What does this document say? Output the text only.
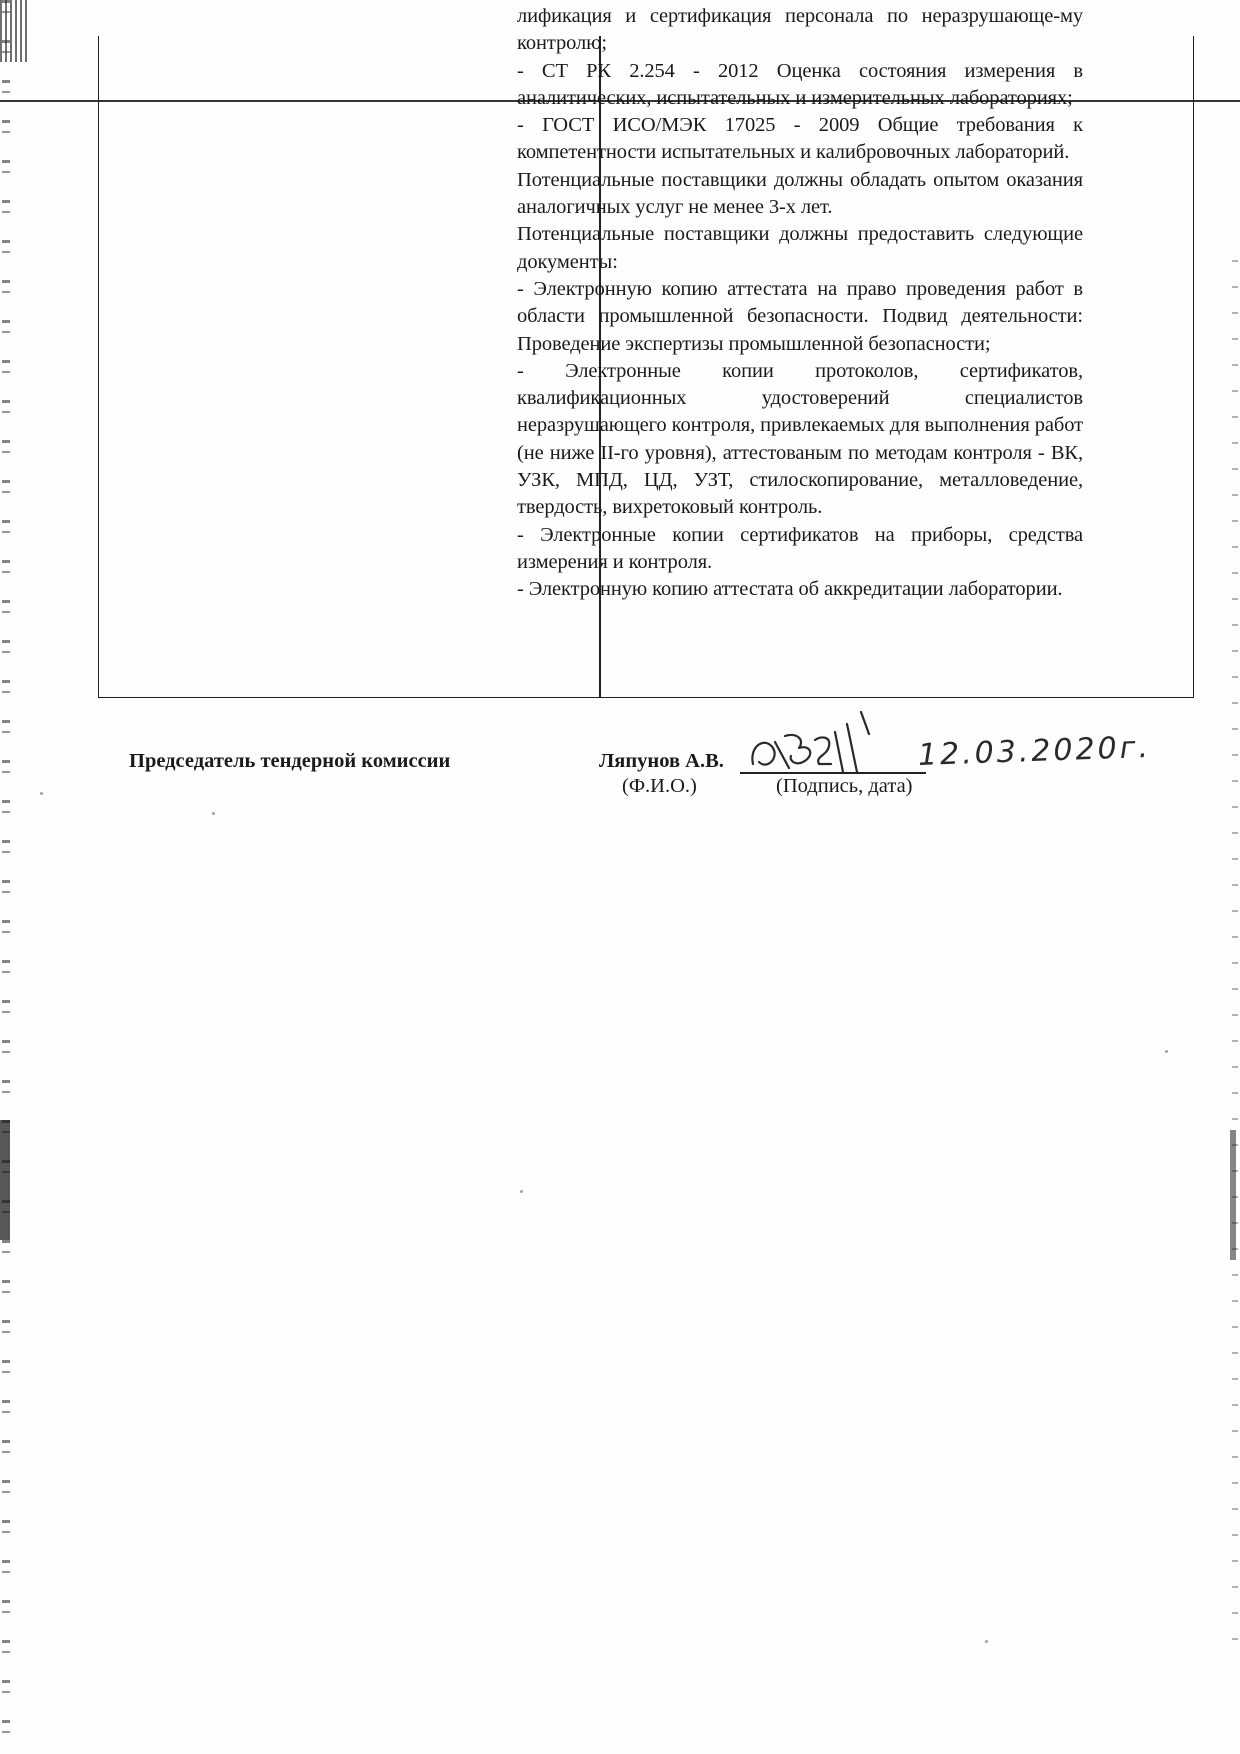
лификация и сертификация персонала по неразрушающе-му контролю;

- СТ РК 2.254 - 2012 Оценка состояния измерения в аналитических, испытательных и измерительных лабораториях;

- ГОСТ ИСО/МЭК 17025 - 2009 Общие требования к компетентности испытательных и калибровочных лабораторий.

Потенциальные поставщики должны обладать опытом оказания аналогичных услуг не менее 3-х лет.

Потенциальные поставщики должны предоставить следующие документы:

- Электронную копию аттестата на право проведения работ в области промышленной безопасности. Подвид деятельности: Проведение экспертизы промышленной безопасности;

- Электронные копии протоколов, сертификатов, квалификационных удостоверений специалистов неразрушающего контроля, привлекаемых для выполнения работ (не ниже II-го уровня), аттестованым по методам контроля - ВК, УЗК, МПД, ЦД, УЗТ, стилоскопирование, металловедение, твердость, вихретоковый контроль.

- Электронные копии сертификатов на приборы, средства измерения и контроля.

- Электронную копию аттестата об аккредитации лаборатории.

Председатель тендерной комиссии	Ляпунов А.В.	12.03.2020г.
(Ф.И.О.)	(Подпись, дата)
